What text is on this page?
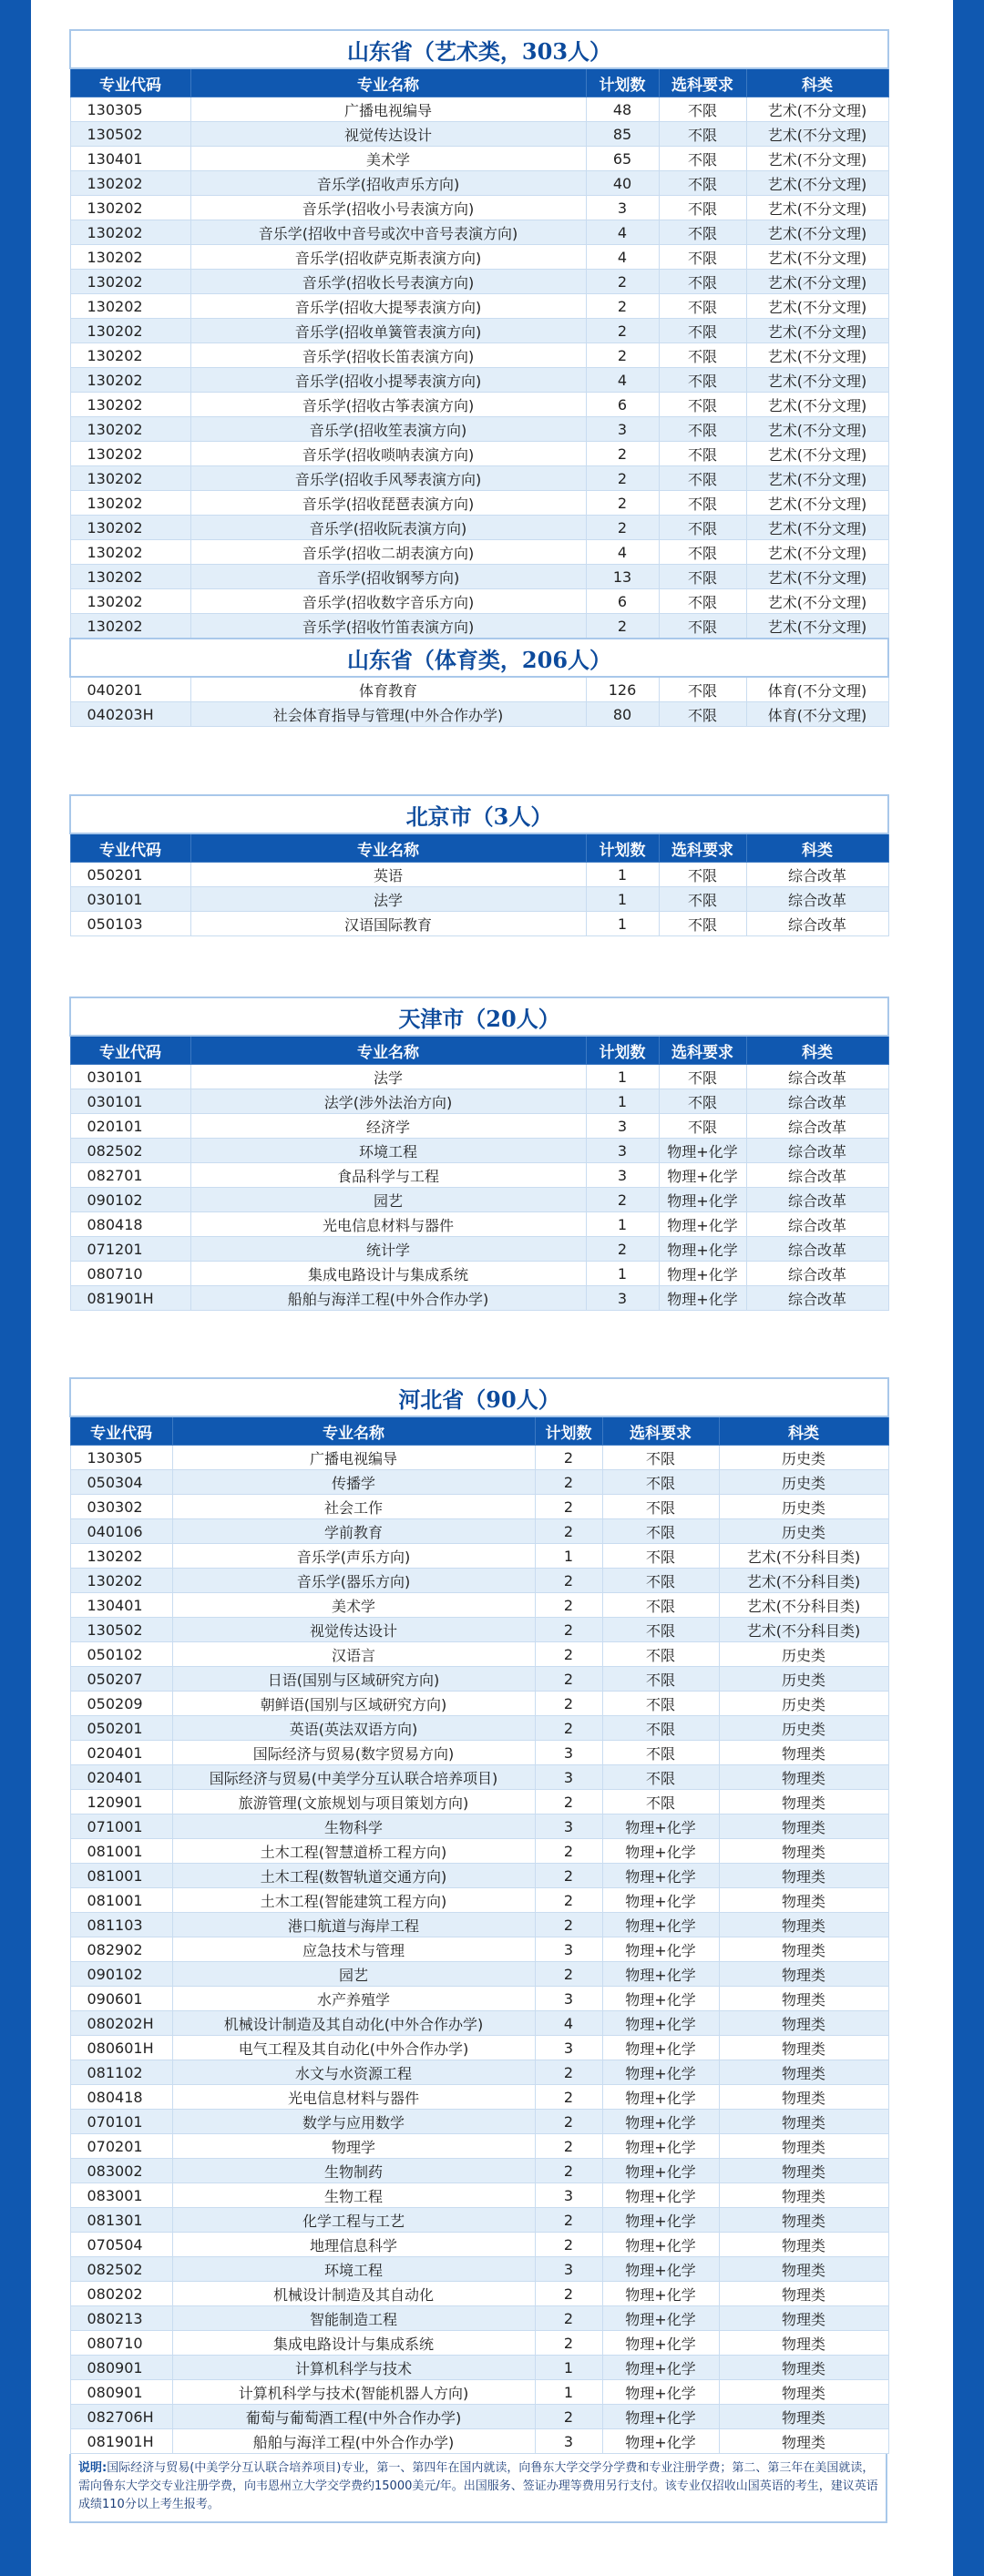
山东省（艺术类，303人）				
专业代码	专业名称	计划数	选科要求	科类
130305	广播电视编导	48	不限	艺术(不分文理)
130502	视觉传达设计	85	不限	艺术(不分文理)
130401	美术学	65	不限	艺术(不分文理)
130202	音乐学(招收声乐方向)	40	不限	艺术(不分文理)
130202	音乐学(招收小号表演方向)	3	不限	艺术(不分文理)
130202	音乐学(招收中音号或次中音号表演方向)	4	不限	艺术(不分文理)
130202	音乐学(招收萨克斯表演方向)	4	不限	艺术(不分文理)
130202	音乐学(招收长号表演方向)	2	不限	艺术(不分文理)
130202	音乐学(招收大提琴表演方向)	2	不限	艺术(不分文理)
130202	音乐学(招收单簧管表演方向)	2	不限	艺术(不分文理)
130202	音乐学(招收长笛表演方向)	2	不限	艺术(不分文理)
130202	音乐学(招收小提琴表演方向)	4	不限	艺术(不分文理)
130202	音乐学(招收古筝表演方向)	6	不限	艺术(不分文理)
130202	音乐学(招收笙表演方向)	3	不限	艺术(不分文理)
130202	音乐学(招收唢呐表演方向)	2	不限	艺术(不分文理)
130202	音乐学(招收手风琴表演方向)	2	不限	艺术(不分文理)
130202	音乐学(招收琵琶表演方向)	2	不限	艺术(不分文理)
130202	音乐学(招收阮表演方向)	2	不限	艺术(不分文理)
130202	音乐学(招收二胡表演方向)	4	不限	艺术(不分文理)
130202	音乐学(招收钢琴方向)	13	不限	艺术(不分文理)
130202	音乐学(招收数字音乐方向)	6	不限	艺术(不分文理)
130202	音乐学(招收竹笛表演方向)	2	不限	艺术(不分文理)
山东省（体育类，206人）				
040201	体育教育	126	不限	体育(不分文理)
040203H	社会体育指导与管理(中外合作办学)	80	不限	体育(不分文理)
北京市（3人）				
专业代码	专业名称	计划数	选科要求	科类
050201	英语	1	不限	综合改革
030101	法学	1	不限	综合改革
050103	汉语国际教育	1	不限	综合改革
天津市（20人）				
专业代码	专业名称	计划数	选科要求	科类
030101	法学	1	不限	综合改革
030101	法学(涉外法治方向)	1	不限	综合改革
020101	经济学	3	不限	综合改革
082502	环境工程	3	物理+化学	综合改革
082701	食品科学与工程	3	物理+化学	综合改革
090102	园艺	2	物理+化学	综合改革
080418	光电信息材料与器件	1	物理+化学	综合改革
071201	统计学	2	物理+化学	综合改革
080710	集成电路设计与集成系统	1	物理+化学	综合改革
081901H	船舶与海洋工程(中外合作办学)	3	物理+化学	综合改革
河北省（90人）				
专业代码	专业名称	计划数	选科要求	科类
130305	广播电视编导	2	不限	历史类
050304	传播学	2	不限	历史类
030302	社会工作	2	不限	历史类
040106	学前教育	2	不限	历史类
130202	音乐学(声乐方向)	1	不限	艺术(不分科目类)
130202	音乐学(器乐方向)	2	不限	艺术(不分科目类)
130401	美术学	2	不限	艺术(不分科目类)
130502	视觉传达设计	2	不限	艺术(不分科目类)
050102	汉语言	2	不限	历史类
050207	日语(国别与区域研究方向)	2	不限	历史类
050209	朝鲜语(国别与区域研究方向)	2	不限	历史类
050201	英语(英法双语方向)	2	不限	历史类
020401	国际经济与贸易(数字贸易方向)	3	不限	物理类
020401	国际经济与贸易(中美学分互认联合培养项目)	3	不限	物理类
120901	旅游管理(文旅规划与项目策划方向)	2	不限	物理类
071001	生物科学	3	物理+化学	物理类
081001	土木工程(智慧道桥工程方向)	2	物理+化学	物理类
081001	土木工程(数智轨道交通方向)	2	物理+化学	物理类
081001	土木工程(智能建筑工程方向)	2	物理+化学	物理类
081103	港口航道与海岸工程	2	物理+化学	物理类
082902	应急技术与管理	3	物理+化学	物理类
090102	园艺	2	物理+化学	物理类
090601	水产养殖学	3	物理+化学	物理类
080202H	机械设计制造及其自动化(中外合作办学)	4	物理+化学	物理类
080601H	电气工程及其自动化(中外合作办学)	3	物理+化学	物理类
081102	水文与水资源工程	2	物理+化学	物理类
080418	光电信息材料与器件	2	物理+化学	物理类
070101	数学与应用数学	2	物理+化学	物理类
070201	物理学	2	物理+化学	物理类
083002	生物制药	2	物理+化学	物理类
083001	生物工程	3	物理+化学	物理类
081301	化学工程与工艺	2	物理+化学	物理类
070504	地理信息科学	2	物理+化学	物理类
082502	环境工程	3	物理+化学	物理类
080202	机械设计制造及其自动化	2	物理+化学	物理类
080213	智能制造工程	2	物理+化学	物理类
080710	集成电路设计与集成系统	2	物理+化学	物理类
080901	计算机科学与技术	1	物理+化学	物理类
080901	计算机科学与技术(智能机器人方向)	1	物理+化学	物理类
082706H	葡萄与葡萄酒工程(中外合作办学)	2	物理+化学	物理类
081901H	船舶与海洋工程(中外合作办学)	3	物理+化学	物理类
说明:国际经济与贸易(中美学分互认联合培养项目)专业，第一、第四年在国内就读，向鲁东大学交学分学费和专业注册学费；第二、第三年在美国就读，需向鲁东大学交专业注册学费，向韦恩州立大学交学费约15000美元/年。出国服务、签证办理等费用另行支付。该专业仅招收山国英语的考生，建议英语成绩110分以上考生报考。
